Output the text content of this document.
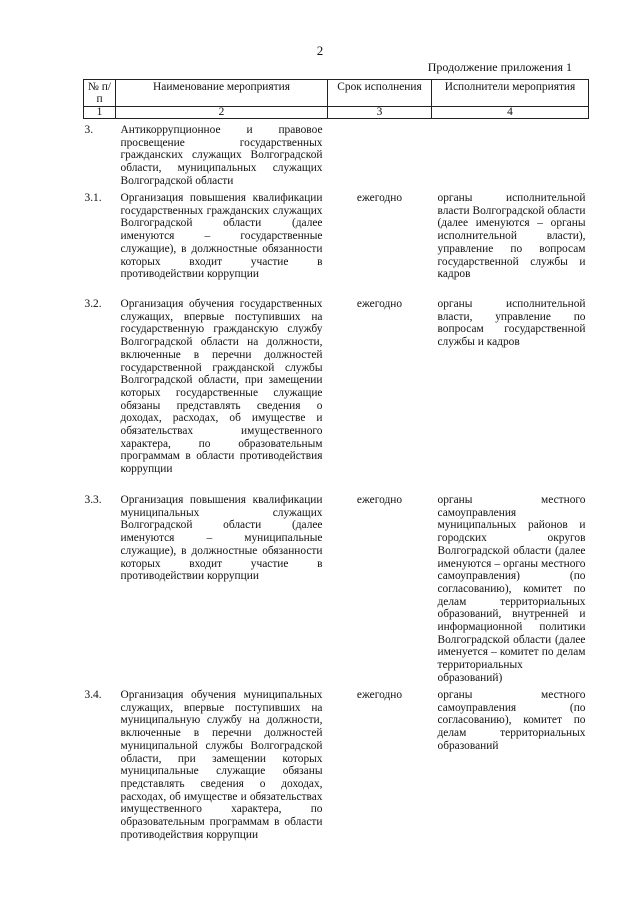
2
Продолжение приложения 1
№ п/п	Наименование мероприятия	Срок исполнения	Исполнители мероприятия
1	2	3	4
3.	Антикоррупционное и правовое просвещение государственных гражданских служащих Волгоградской области, муниципальных служащих Волгоградской области		
3.1.	Организация повышения квалификации государственных гражданских служащих Волгоградской области (далее именуются – государственные служащие), в должностные обязанности которых входит участие в противодействии коррупции	ежегодно	органы исполнительной власти Волгоградской области (далее именуются – органы исполнительной власти), управление по вопросам государственной службы и кадров
3.2.	Организация обучения государственных служащих, впервые поступивших на государственную гражданскую службу Волгоградской области на должности, включенные в перечни должностей государственной гражданской службы Волгоградской области, при замещении которых государственные служащие обязаны представлять сведения о доходах, расходах, об имуществе и обязательствах имущественного характера, по образовательным программам в области противодействия коррупции	ежегодно	органы исполнительной власти, управление по вопросам государственной службы и кадров
3.3.	Организация повышения квалификации муниципальных служащих Волгоградской области (далее именуются – муниципальные служащие), в должностные обязанности которых входит участие в противодействии коррупции	ежегодно	органы местного самоуправления муниципальных районов и городских округов Волгоградской области (далее именуются – органы местного самоуправления) (по согласованию), комитет по делам территориальных образований, внутренней и информационной политики Волгоградской области (далее именуется – комитет по делам территориальных образований)
3.4.	Организация обучения муниципальных служащих, впервые поступивших на муниципальную службу на должности, включенные в перечни должностей муниципальной службы Волгоградской области, при замещении которых муниципальные служащие обязаны представлять сведения о доходах, расходах, об имуществе и обязательствах имущественного характера, по образовательным программам в области противодействия коррупции	ежегодно	органы местного самоуправления (по согласованию), комитет по делам территориальных образований
